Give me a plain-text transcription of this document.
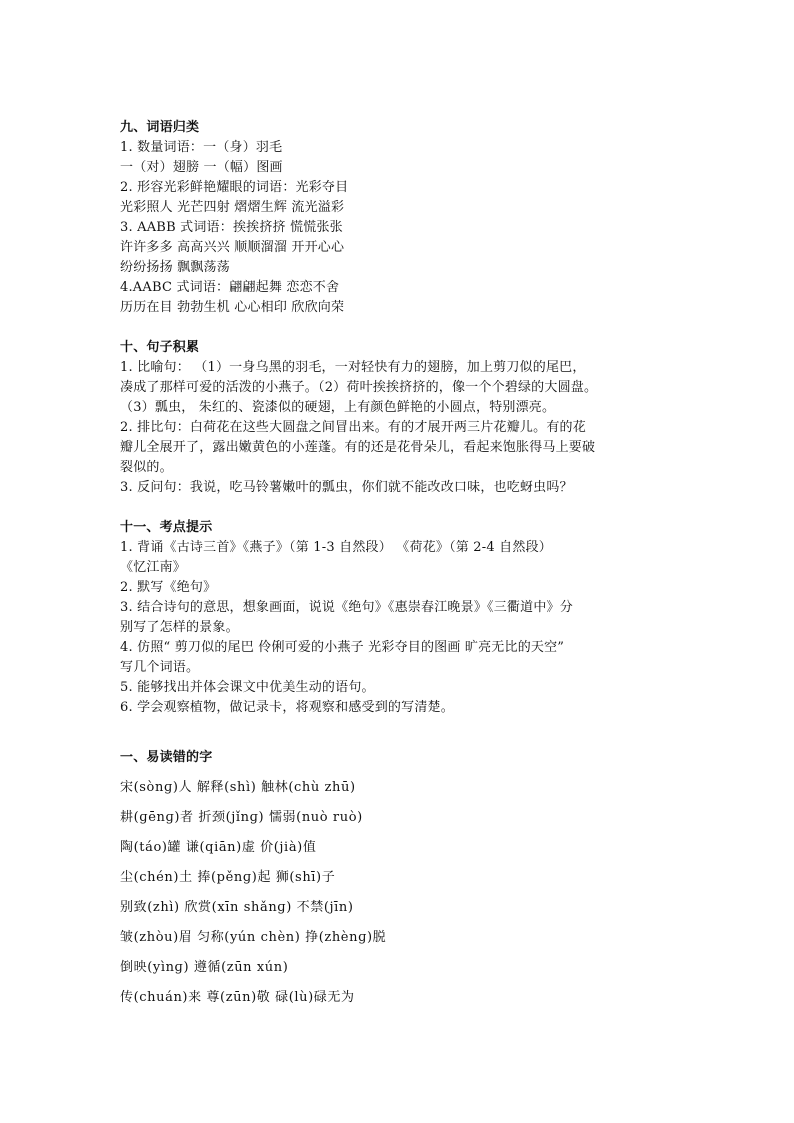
九、词语归类
1. 数量词语：一（身）羽毛
一（对）翅膀 一（幅）图画
2. 形容光彩鲜艳耀眼的词语：光彩夺目
光彩照人 光芒四射 熠熠生辉 流光溢彩
3. AABB 式词语：挨挨挤挤 慌慌张张
许许多多 高高兴兴 顺顺溜溜 开开心心
纷纷扬扬 飘飘荡荡
4.AABC 式词语：翩翩起舞 恋恋不舍
历历在目 勃勃生机 心心相印 欣欣向荣
十、句子积累
1. 比喻句： （1）一身乌黑的羽毛，一对轻快有力的翅膀，加上剪刀似的尾巴，
凑成了那样可爱的活泼的小燕子。（2）荷叶挨挨挤挤的，像一个个碧绿的大圆盘。
（3）瓢虫， 朱红的、瓷漆似的硬翅，上有颜色鲜艳的小圆点，特别漂亮。
2. 排比句：白荷花在这些大圆盘之间冒出来。有的才展开两三片花瓣儿。有的花
瓣儿全展开了，露出嫩黄色的小莲蓬。有的还是花骨朵儿，看起来饱胀得马上要破
裂似的。
3. 反问句：我说，吃马铃薯嫩叶的瓢虫，你们就不能改改口味，也吃蚜虫吗？
十一、考点提示
1. 背诵《古诗三首》《燕子》（第 1-3 自然段） 《荷花》（第 2-4 自然段）
《忆江南》
2. 默写《绝句》
3. 结合诗句的意思，想象画面，说说《绝句》《惠崇春江晚景》《三衢道中》分
别写了怎样的景象。
4. 仿照“ 剪刀似的尾巴 伶俐可爱的小燕子 光彩夺目的图画 旷亮无比的天空”
写几个词语。
5. 能够找出并体会课文中优美生动的语句。
6. 学会观察植物，做记录卡，将观察和感受到的写清楚。
一、易读错的字
宋(sònɡ)人 解释(shì) 触林(chù zhū)
耕(ɡēnɡ)者 折颈(jǐnɡ) 懦弱(nuò ruò)
陶(táo)罐 谦(qiān)虚 价(jià)值
尘(chén)土 捧(pěnɡ)起 狮(shī)子
别致(zhì) 欣赏(xīn shǎnɡ) 不禁(jīn)
皱(zhòu)眉 匀称(yún chèn) 挣(zhènɡ)脱
倒映(yìnɡ) 遵循(zūn xún)
传(chuán)来 尊(zūn)敬 碌(lù)碌无为
